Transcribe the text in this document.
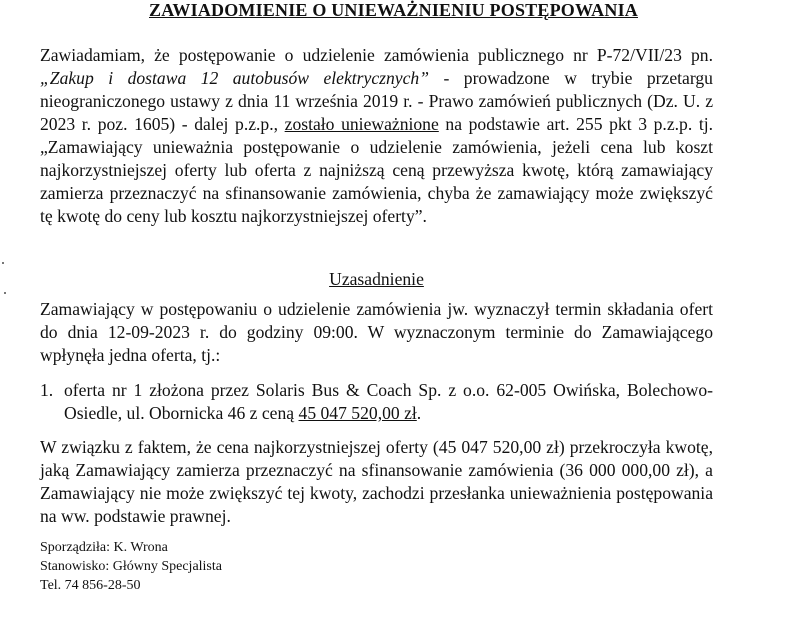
ZAWIADOMIENIE O UNIEWAŻNIENIU POSTĘPOWANIA
Zawiadamiam, że postępowanie o udzielenie zamówienia publicznego nr P-72/VII/23 pn. „Zakup i dostawa 12 autobusów elektrycznych” - prowadzone w trybie przetargu nieograniczonego ustawy z dnia 11 września 2019 r. - Prawo zamówień publicznych (Dz. U. z 2023 r. poz. 1605) - dalej p.z.p., zostało unieważnione na podstawie art. 255 pkt 3 p.z.p. tj. „Zamawiający unieważnia postępowanie o udzielenie zamówienia, jeżeli cena lub koszt najkorzystniejszej oferty lub oferta z najniższą ceną przewyższa kwotę, którą zamawiający zamierza przeznaczyć na sfinansowanie zamówienia, chyba że zamawiający może zwiększyć tę kwotę do ceny lub kosztu najkorzystniejszej oferty”.
Uzasadnienie
Zamawiający w postępowaniu o udzielenie zamówienia jw. wyznaczył termin składania ofert do dnia 12-09-2023 r. do godziny 09:00. W wyznaczonym terminie do Zamawiającego wpłynęła jedna oferta, tj.:
1. oferta nr 1 złożona przez Solaris Bus & Coach Sp. z o.o. 62-005 Owińska, Bolechowo-Osiedle, ul. Obornicka 46 z ceną 45 047 520,00 zł.
W związku z faktem, że cena najkorzystniejszej oferty (45 047 520,00 zł) przekroczyła kwotę, jaką Zamawiający zamierza przeznaczyć na sfinansowanie zamówienia (36 000 000,00 zł), a Zamawiający nie może zwiększyć tej kwoty, zachodzi przesłanka unieważnienia postępowania na ww. podstawie prawnej.
Sporządziła: K. Wrona
Stanowisko: Główny Specjalista
Tel. 74 856-28-50
